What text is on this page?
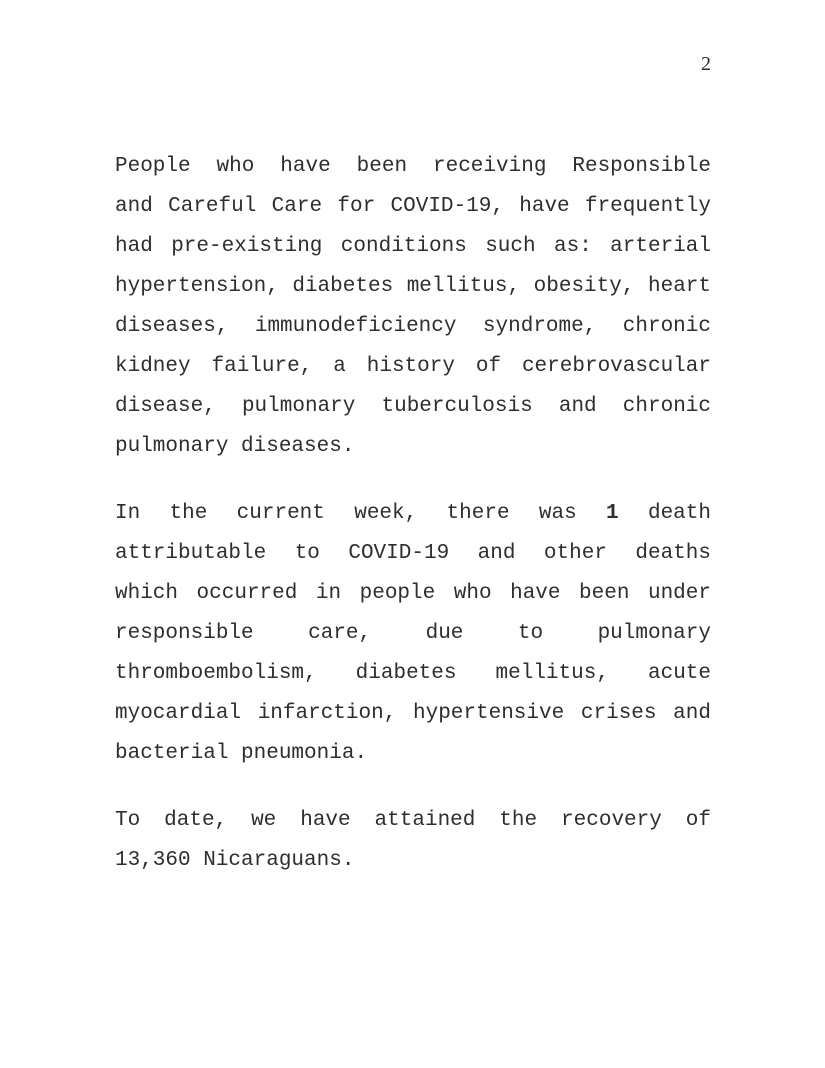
2
People who have been receiving Responsible
and Careful Care for COVID-19, have frequently
had pre-existing conditions such as: arterial
hypertension, diabetes mellitus, obesity, heart
diseases, immunodeficiency syndrome, chronic
kidney failure, a history of cerebrovascular
disease, pulmonary tuberculosis and chronic
pulmonary diseases.
In the current week, there was 1 death
attributable to COVID-19 and other deaths
which occurred in people who have been under
responsible care, due to pulmonary
thromboembolism, diabetes mellitus, acute
myocardial infarction, hypertensive crises and
bacterial pneumonia.
To date, we have attained the recovery of
13,360 Nicaraguans.
